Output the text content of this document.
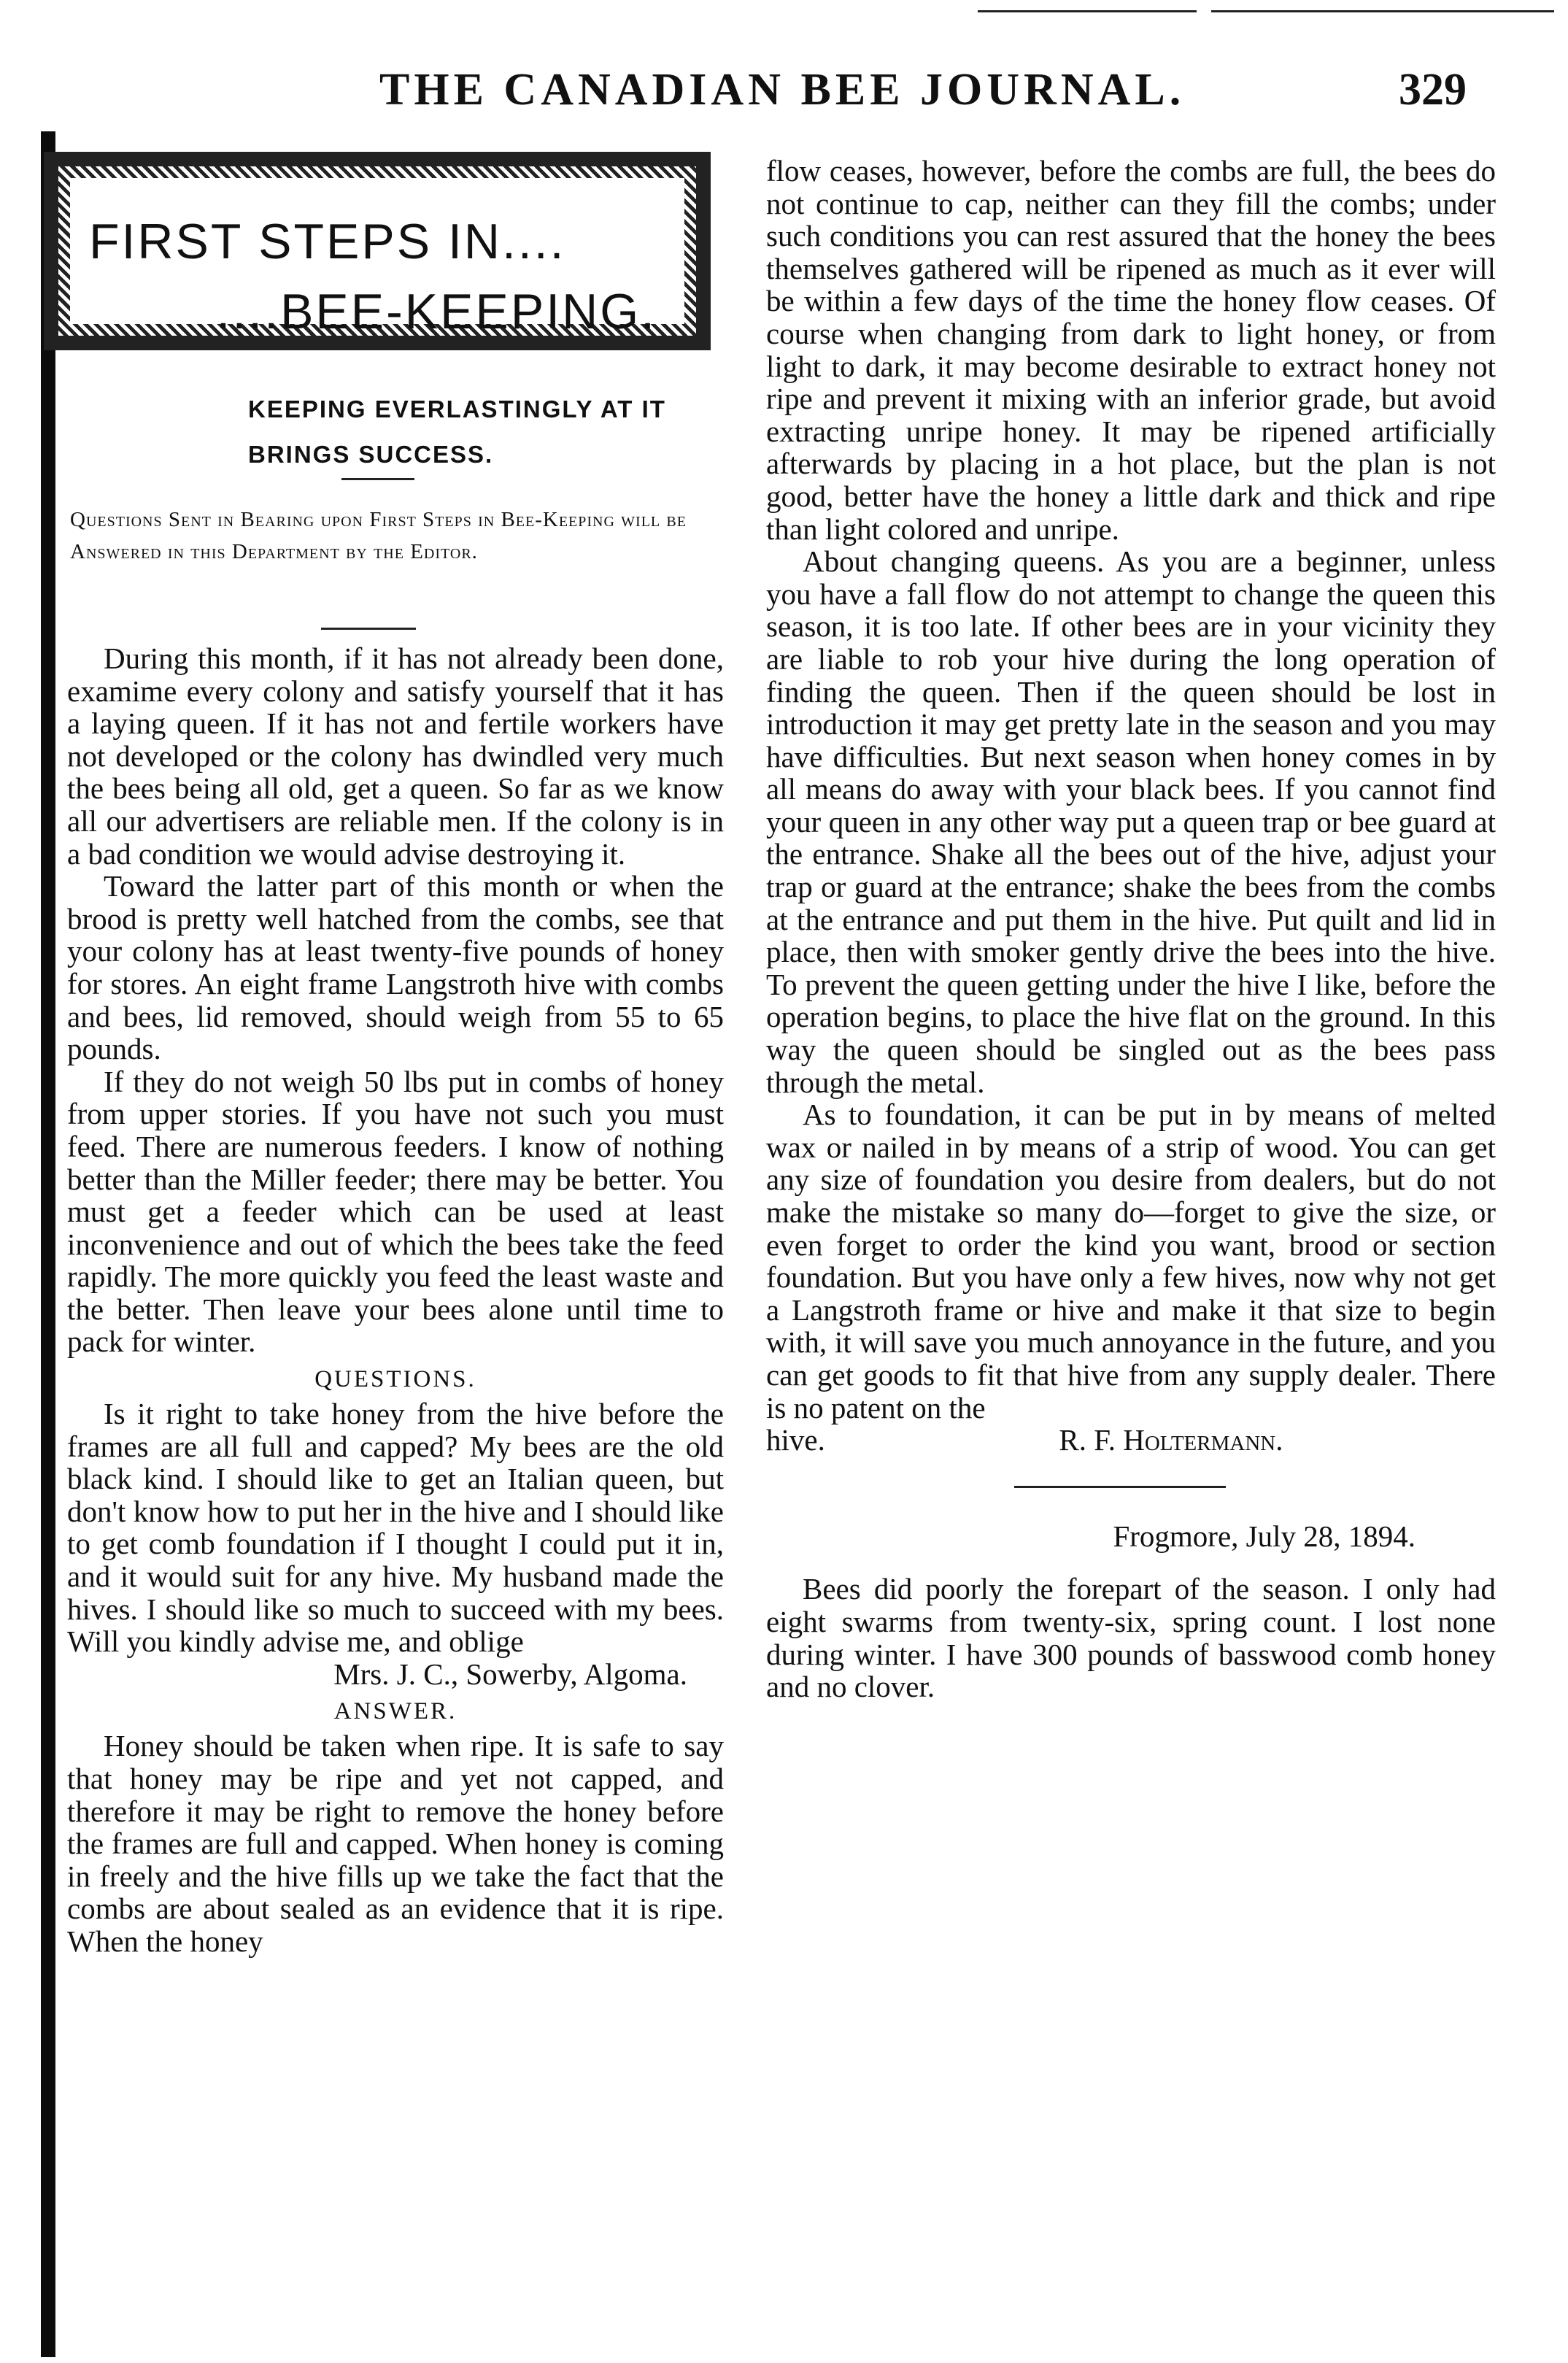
THE CANADIAN BEE JOURNAL.	329
FIRST STEPS IN....
....BEE-KEEPING.
KEEPING EVERLASTINGLY AT IT
BRINGS SUCCESS.
Questions Sent in Bearing upon First Steps in Bee-Keeping will be Answered in this Department by the Editor.

During this month, if it has not already been done, examime every colony and satisfy yourself that it has a laying queen. If it has not and fertile workers have not developed or the colony has dwindled very much the bees being all old, get a queen. So far as we know all our advertisers are reliable men. If the colony is in a bad condition we would advise destroying it.

Toward the latter part of this month or when the brood is pretty well hatched from the combs, see that your colony has at least twenty-five pounds of honey for stores. An eight frame Langstroth hive with combs and bees, lid removed, should weigh from 55 to 65 pounds.

If they do not weigh 50 lbs put in combs of honey from upper stories. If you have not such you must feed. There are numerous feeders. I know of nothing better than the Miller feeder; there may be better. You must get a feeder which can be used at least inconvenience and out of which the bees take the feed rapidly. The more quickly you feed the least waste and the better. Then leave your bees alone until time to pack for winter.

QUESTIONS.

Is it right to take honey from the hive before the frames are all full and capped? My bees are the old black kind. I should like to get an Italian queen, but don't know how to put her in the hive and I should like to get comb foundation if I thought I could put it in, and it would suit for any hive. My husband made the hives. I should like so much to succeed with my bees. Will you kindly advise me, and oblige

Mrs. J. C., Sowerby, Algoma.
ANSWER.

Honey should be taken when ripe. It is safe to say that honey may be ripe and yet not capped, and therefore it may be right to remove the honey before the frames are full and capped. When honey is coming in freely and the hive fills up we take the fact that the combs are about sealed as an evidence that it is ripe. When the honey

flow ceases, however, before the combs are full, the bees do not continue to cap, neither can they fill the combs; under such conditions you can rest assured that the honey the bees themselves gathered will be ripened as much as it ever will be within a few days of the time the honey flow ceases. Of course when changing from dark to light honey, or from light to dark, it may become desirable to extract honey not ripe and prevent it mixing with an inferior grade, but avoid extracting unripe honey. It may be ripened artificially afterwards by placing in a hot place, but the plan is not good, better have the honey a little dark and thick and ripe than light colored and unripe.

About changing queens. As you are a beginner, unless you have a fall flow do not attempt to change the queen this season, it is too late. If other bees are in your vicinity they are liable to rob your hive during the long operation of finding the queen. Then if the queen should be lost in introduction it may get pretty late in the season and you may have difficulties. But next season when honey comes in by all means do away with your black bees. If you cannot find your queen in any other way put a queen trap or bee guard at the entrance. Shake all the bees out of the hive, adjust your trap or guard at the entrance; shake the bees from the combs at the entrance and put them in the hive. Put quilt and lid in place, then with smoker gently drive the bees into the hive. To prevent the queen getting under the hive I like, before the operation begins, to place the hive flat on the ground. In this way the queen should be singled out as the bees pass through the metal.

As to foundation, it can be put in by means of melted wax or nailed in by means of a strip of wood. You can get any size of foundation you desire from dealers, but do not make the mistake so many do—forget to give the size, or even forget to order the kind you want, brood or section foundation. But you have only a few hives, now why not get a Langstroth frame or hive and make it that size to begin with, it will save you much annoyance in the future, and you can get goods to fit that hive from any supply dealer. There is no patent on the

hive.	R. F. Holtermann.
Frogmore, July 28, 1894.

Bees did poorly the forepart of the season. I only had eight swarms from twenty-six, spring count. I lost none during winter. I have 300 pounds of basswood comb honey and no clover.
